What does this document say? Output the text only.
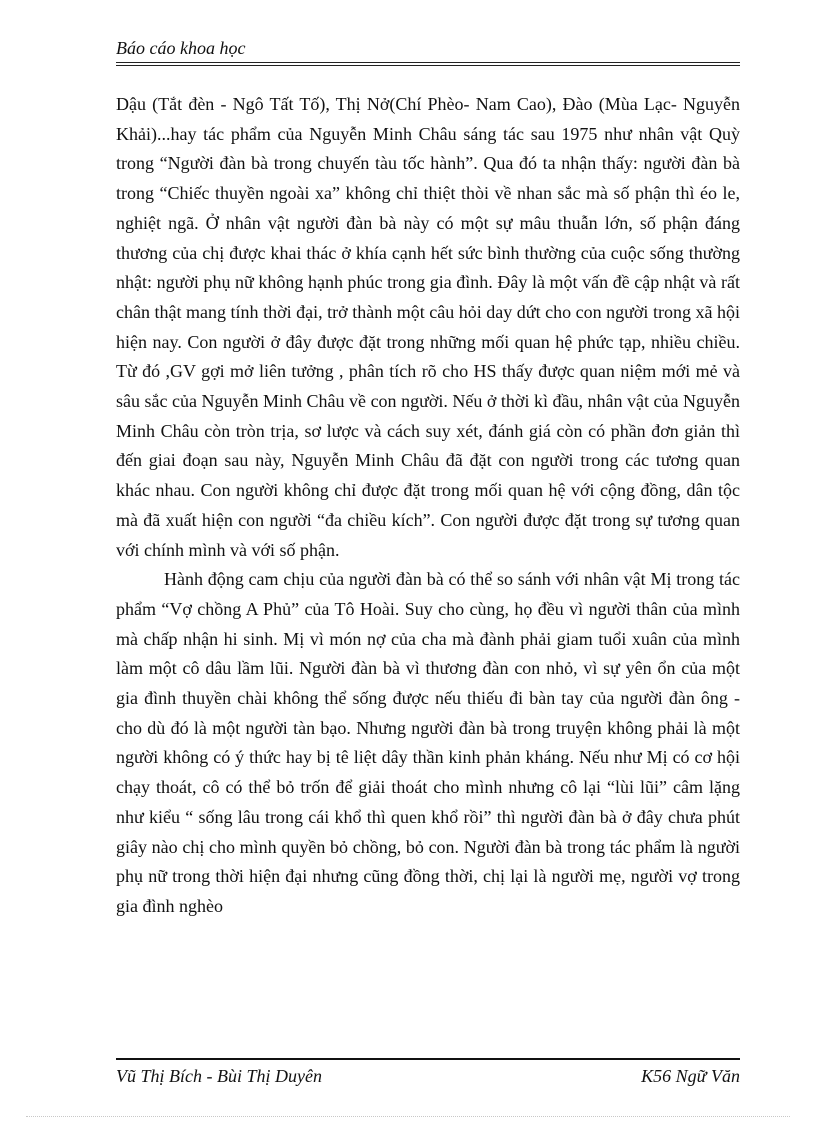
Báo cáo khoa học

Dậu (Tắt đèn - Ngô Tất Tố), Thị Nở(Chí Phèo- Nam Cao), Đào (Mùa Lạc- Nguyễn Khải)...hay tác phẩm của Nguyễn Minh Châu sáng tác sau 1975 như nhân vật Quỳ trong “Người đàn bà trong chuyến tàu tốc hành”. Qua đó ta nhận thấy: người đàn bà trong “Chiếc thuyền ngoài xa” không chỉ thiệt thòi về nhan sắc mà số phận thì éo le, nghiệt ngã. Ở nhân vật người đàn bà này có một sự mâu thuẫn lớn, số phận đáng thương của chị được khai thác ở khía cạnh hết sức bình thường của cuộc sống thường nhật: người phụ nữ không hạnh phúc trong gia đình. Đây là một vấn đề cập nhật và rất chân thật mang tính thời đại, trở thành một câu hỏi day dứt cho con người trong xã hội hiện nay. Con người ở đây được đặt trong những mối quan hệ phức tạp, nhiều chiều. Từ đó ,GV gợi mở liên tưởng , phân tích rõ cho HS thấy được quan niệm mới mẻ và sâu sắc của Nguyễn Minh Châu về con người. Nếu ở thời kì đầu, nhân vật của Nguyễn Minh Châu còn tròn trịa, sơ lược và cách suy xét, đánh giá còn có phần đơn giản thì đến giai đoạn sau này, Nguyễn Minh Châu đã đặt con người trong các tương quan khác nhau. Con người không chỉ được đặt trong mối quan hệ với cộng đồng, dân tộc mà đã xuất hiện con người “đa chiều kích”. Con người được đặt trong sự tương quan với chính mình và với số phận.

Hành động cam chịu của người đàn bà có thể so sánh với nhân vật Mị trong tác phẩm “Vợ chồng A Phủ” của Tô Hoài. Suy cho cùng, họ đều vì người thân của mình mà chấp nhận hi sinh. Mị vì món nợ của cha mà đành phải giam tuổi xuân của mình làm một cô dâu lầm lũi. Người đàn bà vì thương đàn con nhỏ, vì sự yên ổn của một gia đình thuyền chài không thể sống được nếu thiếu đi bàn tay của người đàn ông - cho dù đó là một người tàn bạo. Nhưng người đàn bà trong truyện không phải là một người không có ý thức hay bị tê liệt dây thần kinh phản kháng. Nếu như Mị có cơ hội chạy thoát, cô có thể bỏ trốn để giải thoát cho mình nhưng cô lại “lùi lũi” câm lặng như kiểu “ sống lâu trong cái khổ thì quen khổ rồi” thì người đàn bà ở đây chưa phút giây nào chị cho mình quyền bỏ chồng, bỏ con. Người đàn bà trong tác phẩm là người phụ nữ trong thời hiện đại nhưng cũng đồng thời, chị lại là người mẹ, người vợ trong gia đình nghèo

Vũ Thị Bích - Bùi Thị Duyên	K56 Ngữ Văn
